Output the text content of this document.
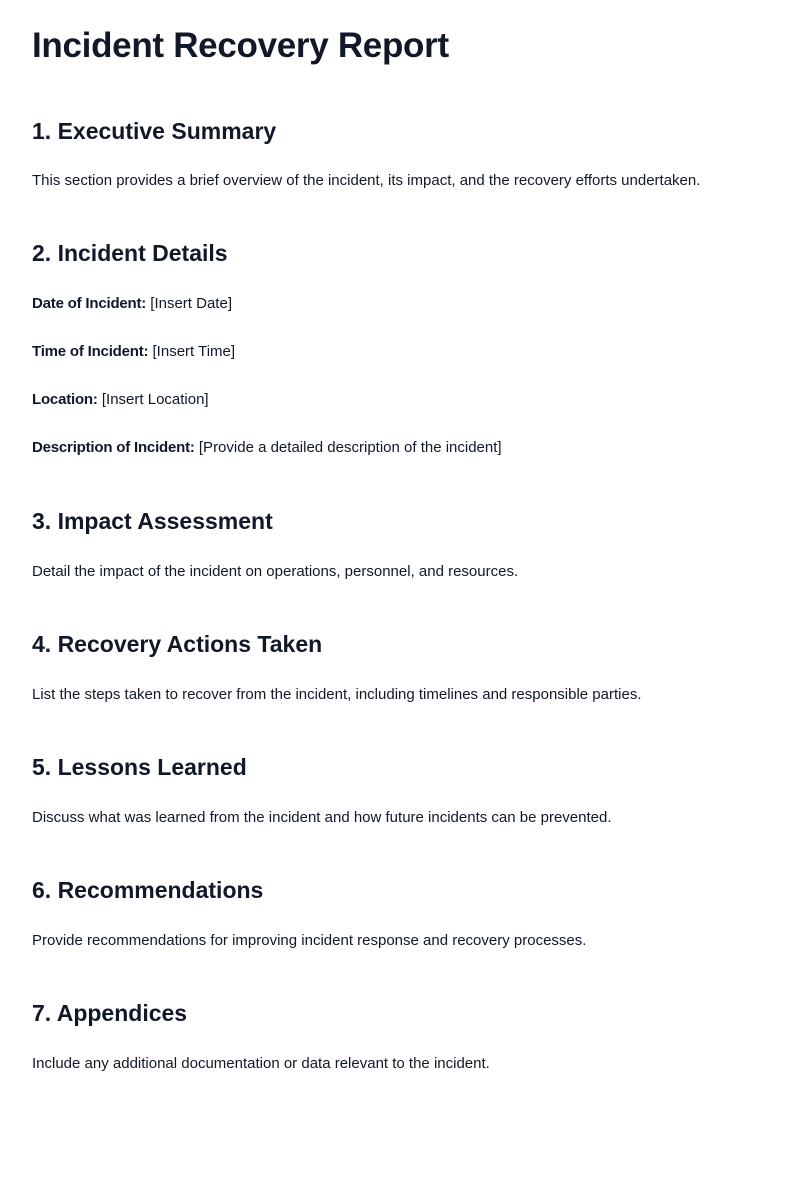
Incident Recovery Report
1. Executive Summary

This section provides a brief overview of the incident, its impact, and the recovery efforts undertaken.

2. Incident Details

Date of Incident: [Insert Date]

Time of Incident: [Insert Time]

Location: [Insert Location]

Description of Incident: [Provide a detailed description of the incident]

3. Impact Assessment

Detail the impact of the incident on operations, personnel, and resources.

4. Recovery Actions Taken

List the steps taken to recover from the incident, including timelines and responsible parties.

5. Lessons Learned

Discuss what was learned from the incident and how future incidents can be prevented.

6. Recommendations

Provide recommendations for improving incident response and recovery processes.

7. Appendices

Include any additional documentation or data relevant to the incident.
